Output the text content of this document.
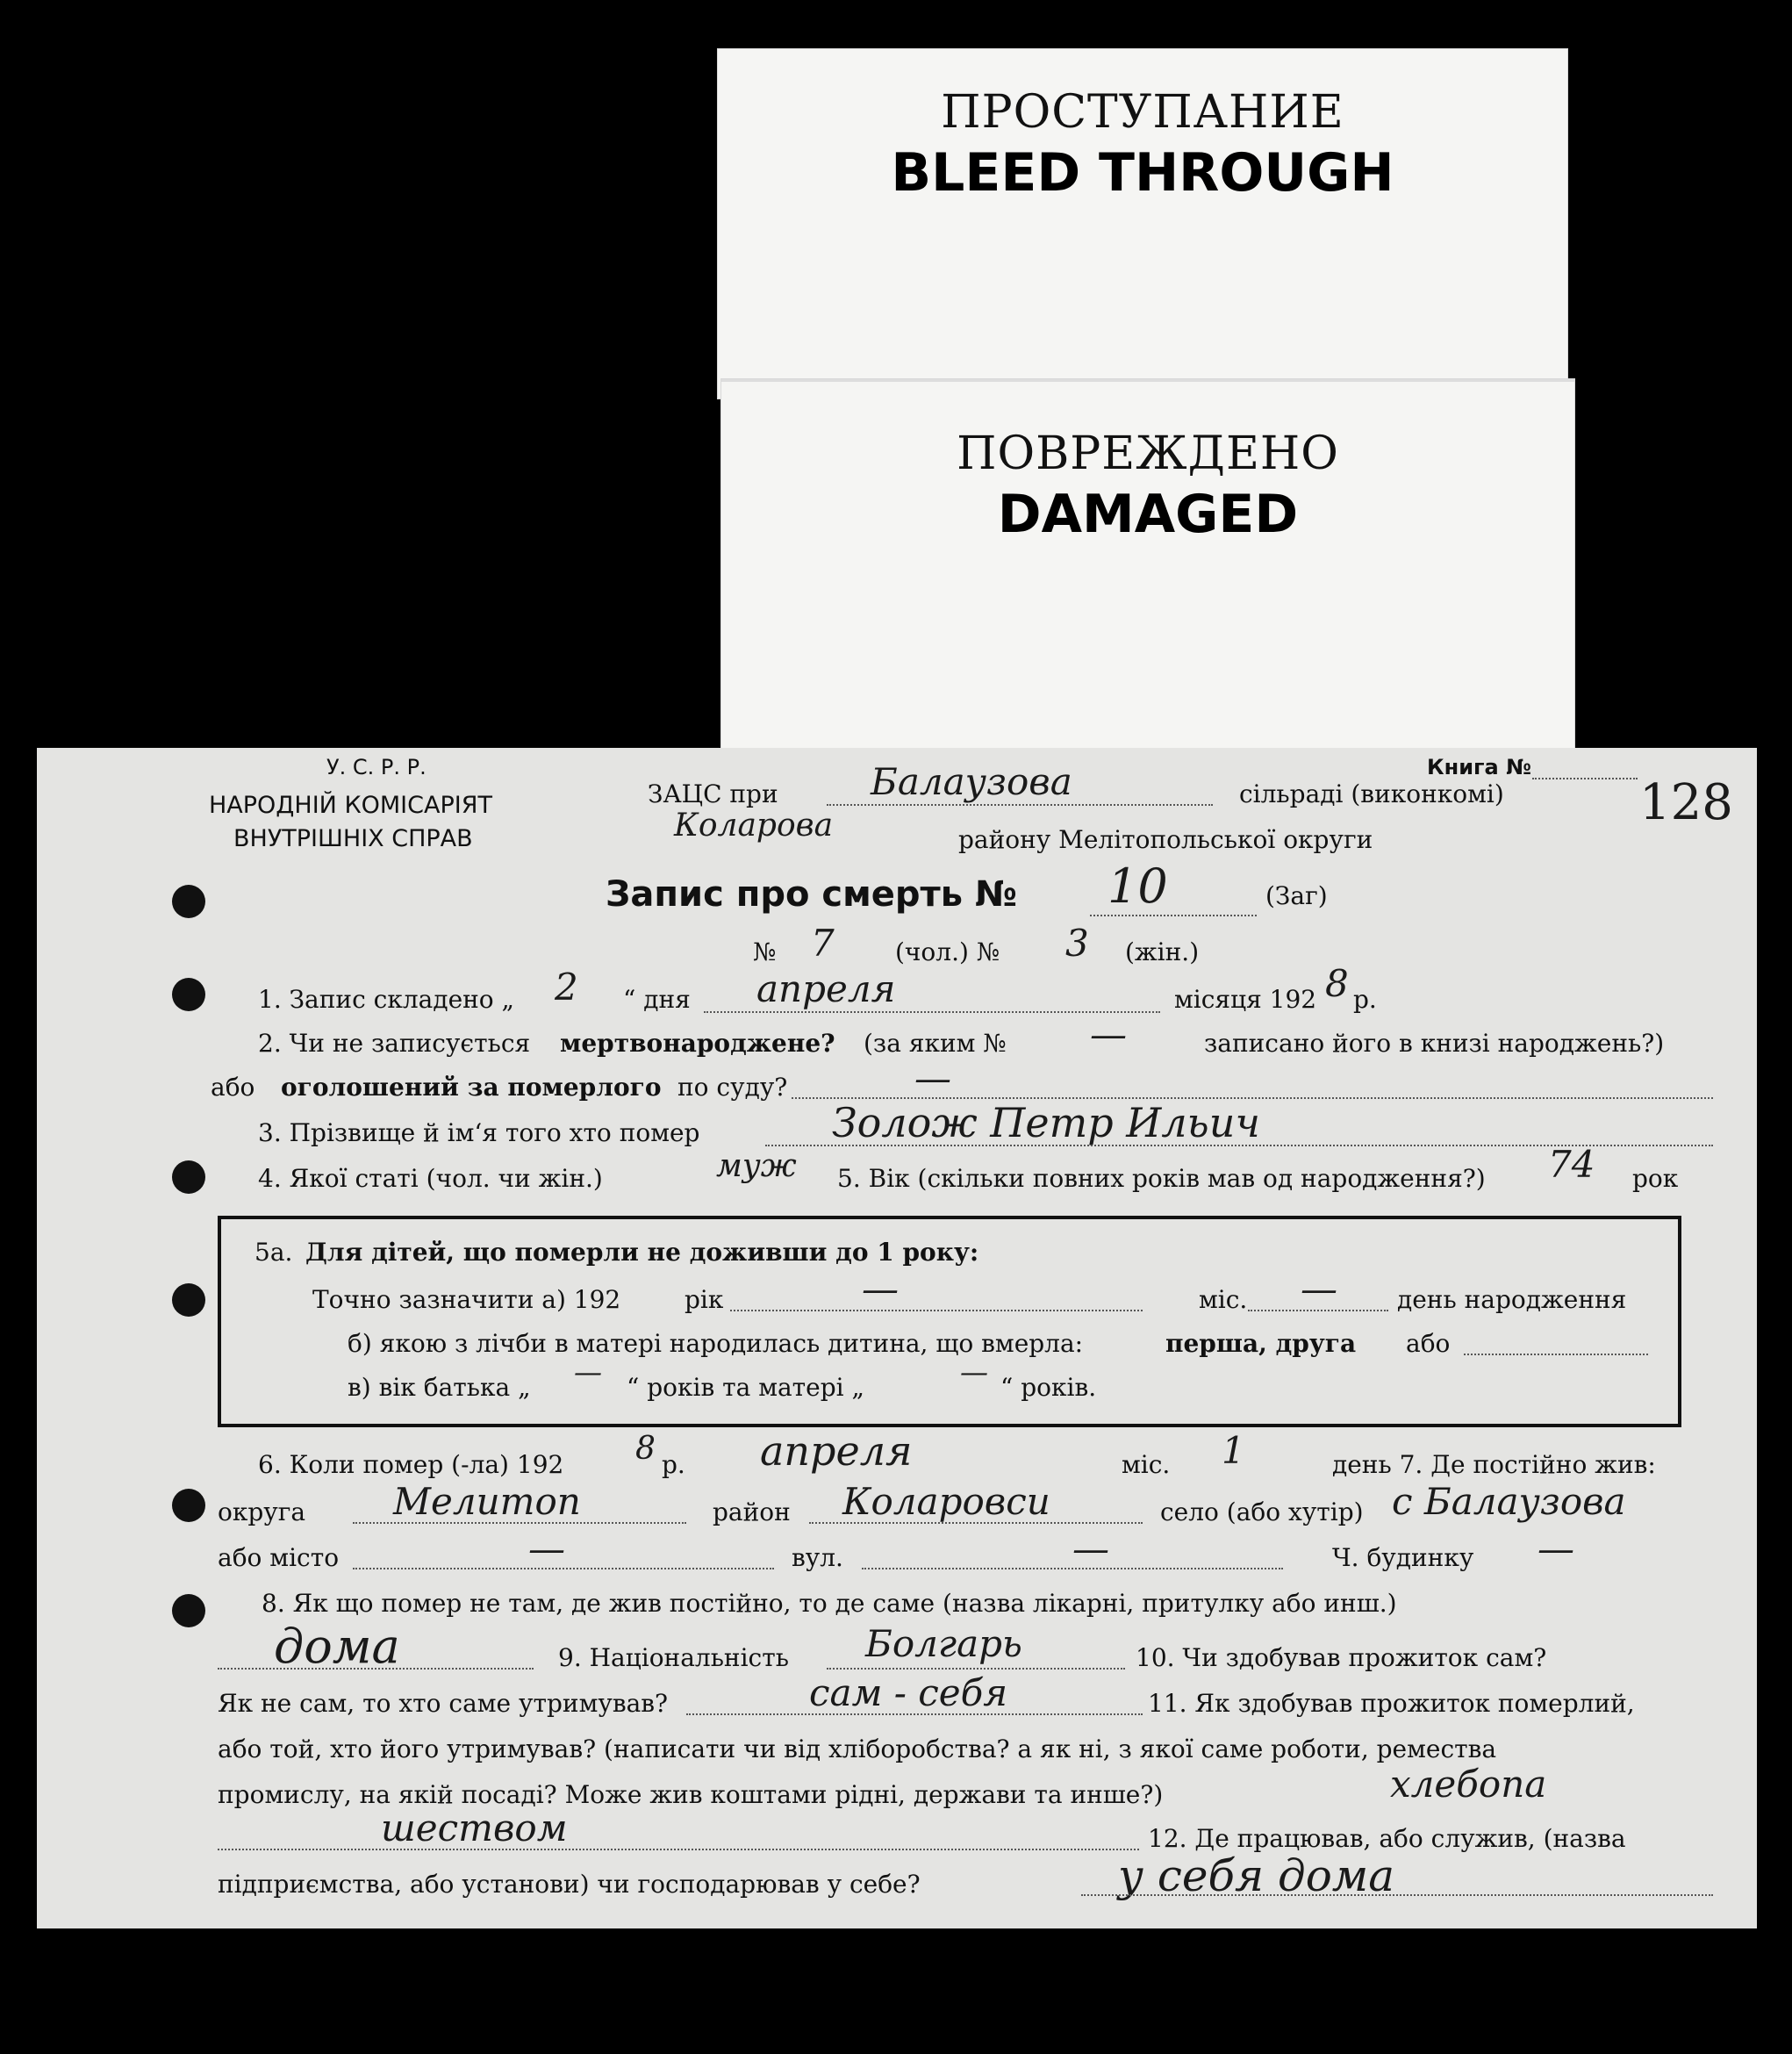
ПРОСТУПАНИЕ
BLEED THROUGH
ПОВРЕЖДЕНО
DAMAGED
У. С. Р. Р.
НАРОДНІЙ КОМІСАРІЯТ
ВНУТРІШНІХ СПРАВ
ЗАЦС при	Балаузова	сільраді (виконкомі)
Коларова	району Мелітопольської округи
Книга №
128
Запис про смерть № 10	(Заг)
№ 7 (чол.) № 3 (жін.)
1. Запис складено „ 2 “ дня апреля	місяця 192 8 р.
2. Чи не записується мертвонароджене? (за яким № —	записано його в книзі народжень?)
або оголошений за померлого по суду?	—
3. Прізвище й ім‘я того хто помер	Золож Петр Ильич
4. Якої статі (чол. чи жін.)	муж 5. Вік (скільки повних років мав од народження?) 74 рок
5а. Для дітей, що померли не доживши до 1 року:
Точно зазначити а) 192	рік	—	міс. — день народження
б) якою з лічби в матері народилась дитина, що вмерла:	перша, друга або
в) вік батька „ — “ років та матері „	— “ років.
6. Коли помер (-ла) 192 8 р. апреля	міс. 1	день 7. Де постійно жив:
округа Мелитоп	район Коларовси	село (або хутір) с Балаузова
або місто	—	вул.	—	Ч. будинку —
8. Як що помер не там, де жив постійно, то де саме (назва лікарні, притулку або инш.)
дома	9. Національність Болгарь	10. Чи здобував прожиток сам?
Як не сам, то хто саме утримував?	сам - себя	11. Як здобував прожиток померлий,
або той, хто його утримував? (написати чи від хліборобства? а як ні, з якої саме роботи, ремества
промислу, на якій посаді? Може жив коштами рідні, держави та инше?)	хлебопа
шеством	12. Де працював, або служив, (назва
підприємства, або установи) чи господарював у себе?	у себя дома
